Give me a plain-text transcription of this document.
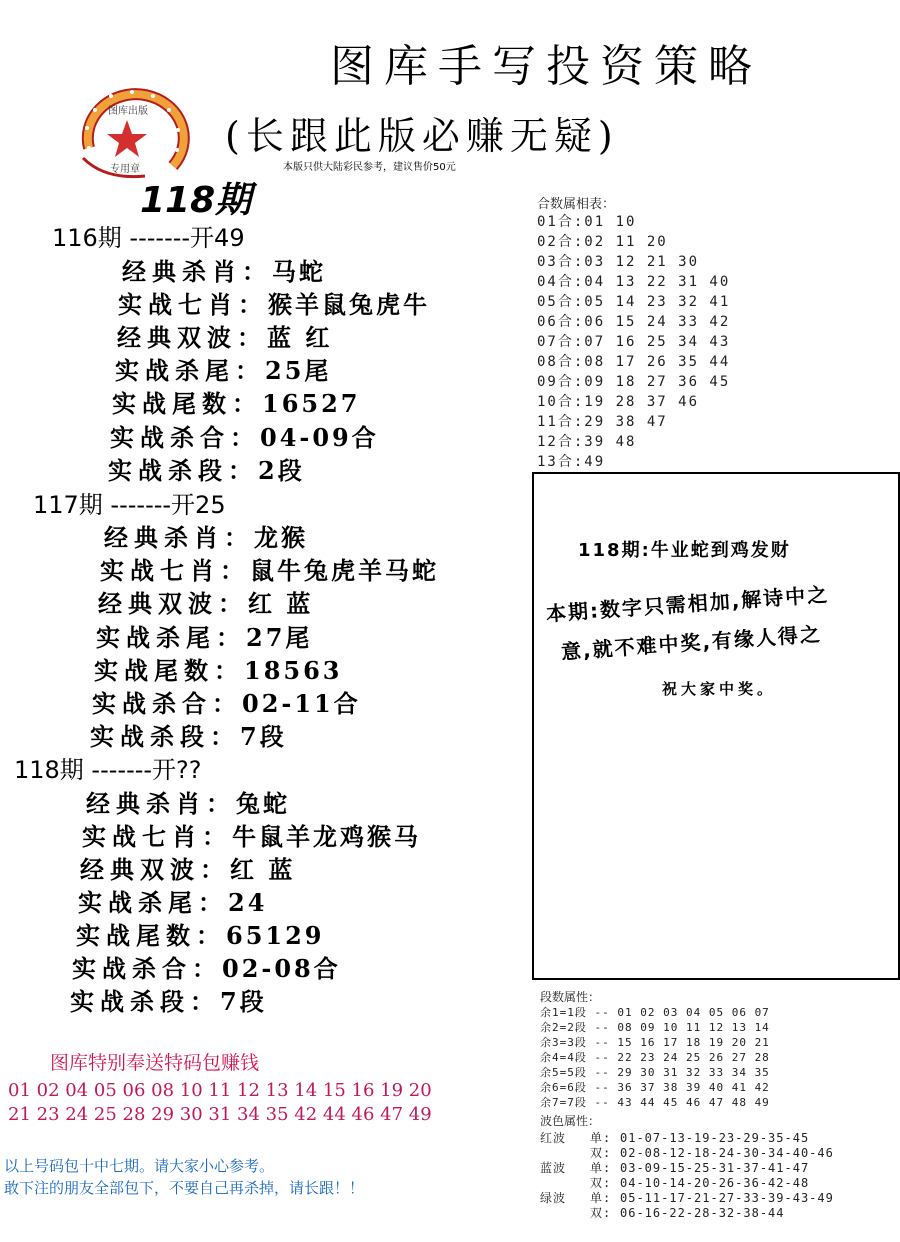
图库手写投资策略
(长跟此版必赚无疑)
本版只供大陆彩民参考，建议售价50元
图库出版
专用章
118期
116期 -------开49
经典杀肖：马蛇
实战七肖：猴羊鼠兔虎牛
经典双波：蓝 红
实战杀尾：25尾
实战尾数：16527
实战杀合：04-09合
实战杀段：2段
117期 -------开25
经典杀肖：龙猴
实战七肖：鼠牛兔虎羊马蛇
经典双波：红 蓝
实战杀尾：27尾
实战尾数：18563
实战杀合：02-11合
实战杀段：7段
118期 -------开??
经典杀肖：兔蛇
实战七肖：牛鼠羊龙鸡猴马
经典双波：红 蓝
实战杀尾：24
实战尾数：65129
实战杀合：02-08合
实战杀段：7段
合数属相表：
01合:01 10
02合:02 11 20
03合:03 12 21 30
04合:04 13 22 31 40
05合:05 14 23 32 41
06合:06 15 24 33 42
07合:07 16 25 34 43
08合:08 17 26 35 44
09合:09 18 27 36 45
10合:19 28 37 46
11合:29 38 47
12合:39 48
13合:49
118期:牛业蛇到鸡发财
本期:数字只需相加,解诗中之
意,就不难中奖,有缘人得之
祝大家中奖。
段数属性：
余1=1段 -- 01 02 03 04 05 06 07
余2=2段 -- 08 09 10 11 12 13 14
余3=3段 -- 15 16 17 18 19 20 21
余4=4段 -- 22 23 24 25 26 27 28
余5=5段 -- 29 30 31 32 33 34 35
余6=6段 -- 36 37 38 39 40 41 42
余7=7段 -- 43 44 45 46 47 48 49
波色属性：
红波 单: 01-07-13-19-23-29-35-45
双: 02-08-12-18-24-30-34-40-46
蓝波 单: 03-09-15-25-31-37-41-47
双: 04-10-14-20-26-36-42-48
绿波 单: 05-11-17-21-27-33-39-43-49
双: 06-16-22-28-32-38-44
图库特别奉送特码包赚钱
01 02 04 05 06 08 10 11 12 13 14 15 16 19 20
21 23 24 25 28 29 30 31 34 35 42 44 46 47 49
以上号码包十中七期。请大家小心参考。
敢下注的朋友全部包下，不要自己再杀掉，请长跟！！
